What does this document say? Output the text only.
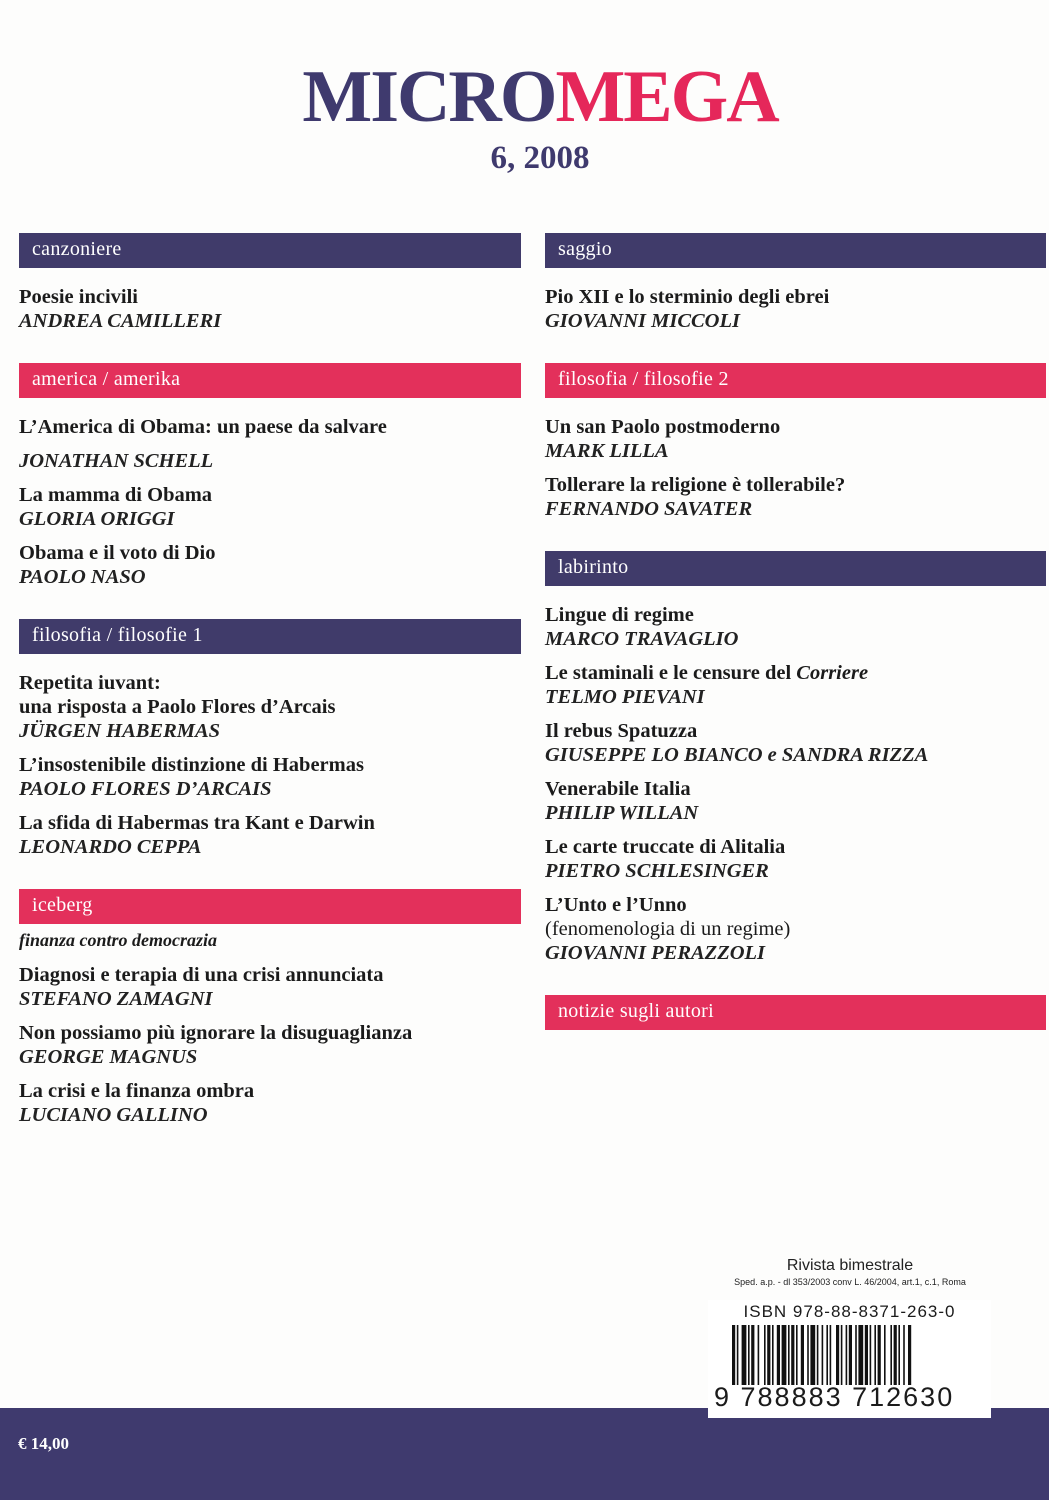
MICROMEGA
6, 2008
canzoniere
Poesie incivili
ANDREA CAMILLERI
america / amerika
L’America di Obama: un paese da salvare
JONATHAN SCHELL
La mamma di Obama
GLORIA ORIGGI
Obama e il voto di Dio
PAOLO NASO
filosofia / filosofie 1
Repetita iuvant:
una risposta a Paolo Flores d’Arcais
JÜRGEN HABERMAS
L’insostenibile distinzione di Habermas
PAOLO FLORES D’ARCAIS
La sfida di Habermas tra Kant e Darwin
LEONARDO CEPPA
iceberg
finanza contro democrazia
Diagnosi e terapia di una crisi annunciata
STEFANO ZAMAGNI
Non possiamo più ignorare la disuguaglianza
GEORGE MAGNUS
La crisi e la finanza ombra
LUCIANO GALLINO
saggio
Pio XII e lo sterminio degli ebrei
GIOVANNI MICCOLI
filosofia / filosofie 2
Un san Paolo postmoderno
MARK LILLA
Tollerare la religione è tollerabile?
FERNANDO SAVATER
labirinto
Lingue di regime
MARCO TRAVAGLIO
Le staminali e le censure del Corriere
TELMO PIEVANI
Il rebus Spatuzza
GIUSEPPE LO BIANCO e SANDRA RIZZA
Venerabile Italia
PHILIP WILLAN
Le carte truccate di Alitalia
PIETRO SCHLESINGER
L’Unto e l’Unno
(fenomenologia di un regime)
GIOVANNI PERAZZOLI
notizie sugli autori
Rivista bimestrale
Sped. a.p. - dl 353/2003 conv L. 46/2004, art.1, c.1, Roma
€ 14,00
ISBN 978-88-8371-263-0
9 788883 712630
